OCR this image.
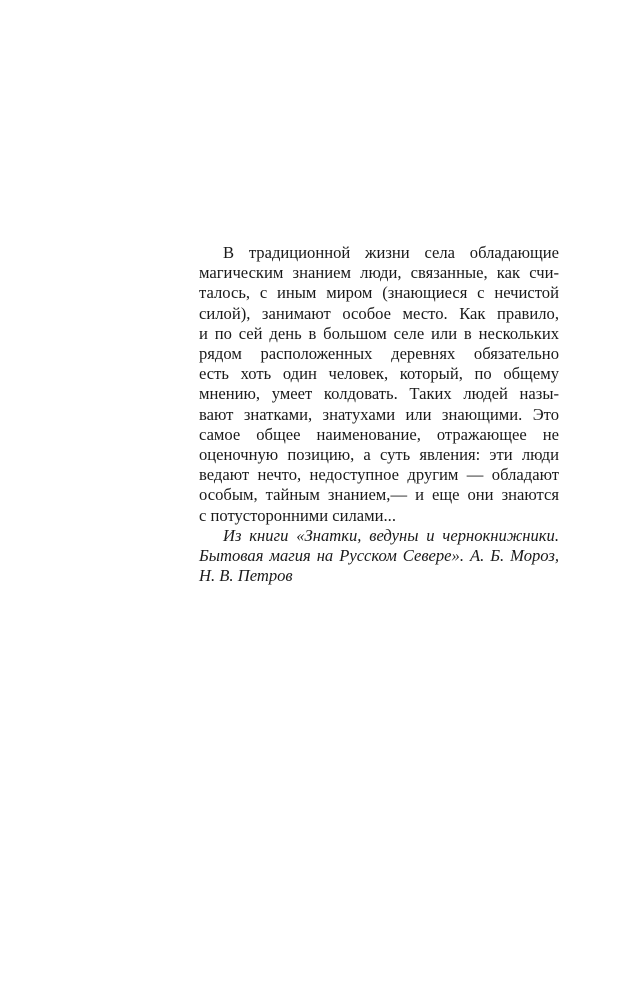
В традиционной жизни села обладающие
магическим знанием люди, связанные, как счи-
талось, с иным миром (знающиеся с нечистой
силой), занимают особое место. Как правило,
и по сей день в большом селе или в нескольких
рядом расположенных деревнях обязательно
есть хоть один человек, который, по общему
мнению, умеет колдовать. Таких людей назы-
вают знатками, знатухами или знающими. Это
самое общее наименование, отражающее не
оценочную позицию, а суть явления: эти люди
ведают нечто, недоступное другим — обладают
особым, тайным знанием,— и еще они знаются
с потусторонними силами...
Из книги «Знатки, ведуны и чернокнижники.
Бытовая магия на Русском Севере». А. Б. Мороз,
Н. В. Петров
